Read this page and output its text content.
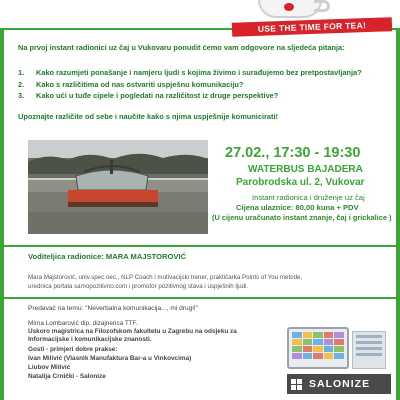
USE THE TIME FOR TEA!
Na prvoj instant radionici uz čaj u Vukovaru ponudit ćemo vam odgovore na sljedeća pitanja:
1.	Kako razumjeti ponašanje i namjeru ljudi s kojima živimo i surađujemo bez pretpostavljanja?
2.	Kako s različitima od nas ostvariti uspješnu komunikaciju?
3.	Kako ući u tuđe cipele i pogledati na različitost iz druge perspektive?
Upoznajte različite od sebe i naučite kako s njima uspješnije komunicirati!
27.02., 17:30 - 19:30
WATERBUS BAJADERA
Parobrodska ul. 2, Vukovar
Instant radionica i druženje uz čaj
Cijena ulaznice: 80,00 kuna + PDV
(U cijenu uračunato instant znanje, čaj i grickalice )
Voditeljica radionice: MARA MAJSTOROVIĆ
Mara Majstorović, univ.spec.oec., NLP Coach i motivacijski trener, praktičarka Points of You metode,
urednica portala samopozitivno.com i promotor pozitivnog stava i uspješnih ljudi.
Predavač na temu: "Neverbalna komunikacija..., mi drugi!"
Mirna Lombarović dip. dizajnerica TTF.
Uskoro magistrica na Filozofskom fakultetu u Zagrebu na odsjeku za
Informacijske i komunikacijske znanosti.
Gosti - primjeri dobre prakse:
Ivan Milivić (Vlasnik Manufaktura Bar-a u Vinkovcima)
Liubov Milivić
Natalija Crnički - Salonize
SALONIZE
